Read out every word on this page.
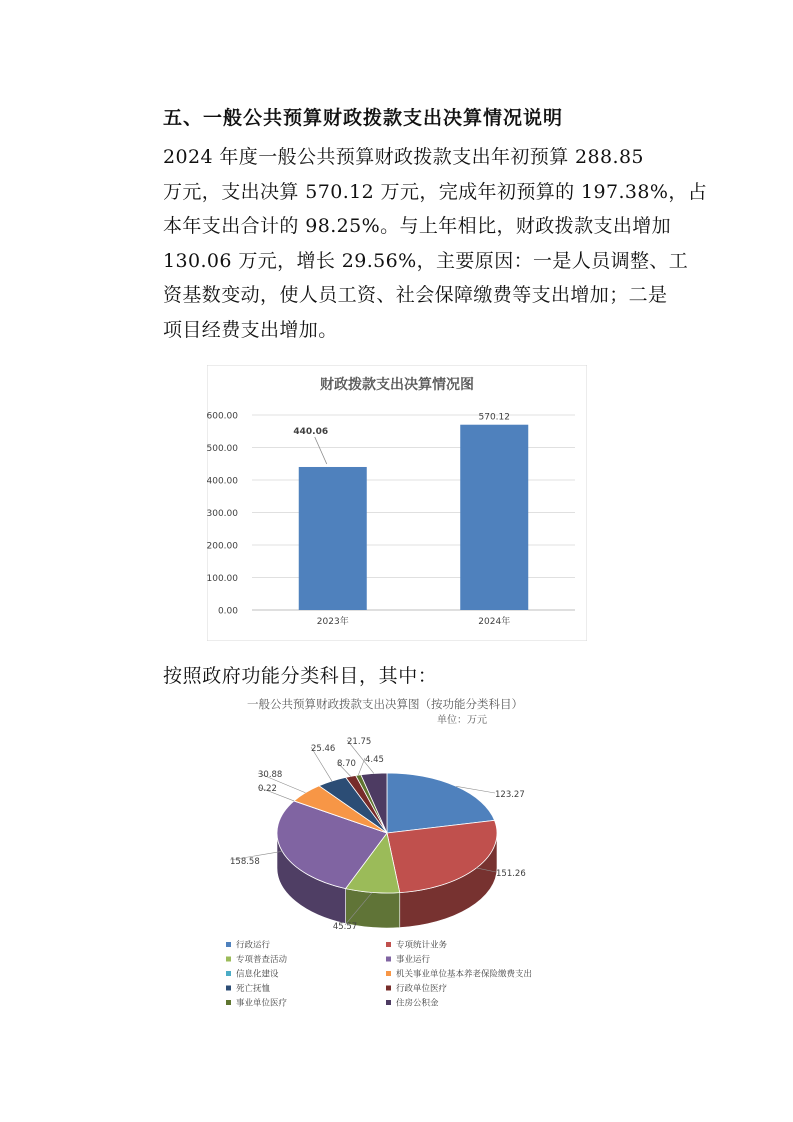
五、一般公共预算财政拨款支出决算情况说明
2024 年度一般公共预算财政拨款支出年初预算 288.85
万元，支出决算 570.12 万元，完成年初预算的 197.38%，占
本年支出合计的 98.25%。与上年相比，财政拨款支出增加
130.06 万元，增长 29.56%，主要原因：一是人员调整、工
资基数变动，使人员工资、社会保障缴费等支出增加；二是
项目经费支出增加。
财政拨款支出决算情况图
0.00
100.00
200.00
300.00
400.00
500.00
600.00
2023年
440.06
2024年
570.12
按照政府功能分类科目，其中：
一般公共预算财政拨款支出决算图（按功能分类科目）
单位：万元
123.27
151.26
45.57
158.58
0.22
30.88
25.46
8.70 4.45
21.75
行政运行	专项统计业务
专项普查活动	事业运行
信息化建设	机关事业单位基本养老保险缴费支出
死亡抚恤	行政单位医疗
事业单位医疗	住房公积金
